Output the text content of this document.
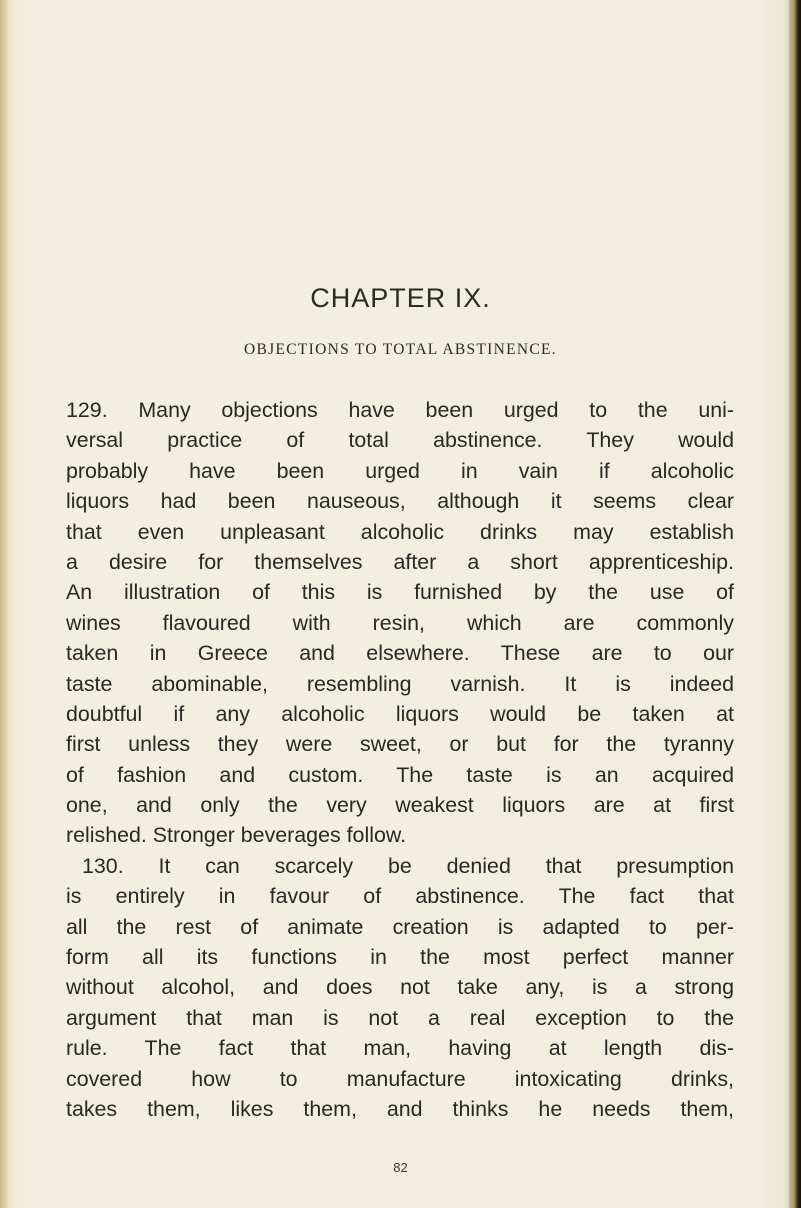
CHAPTER IX.
OBJECTIONS TO TOTAL ABSTINENCE.
129. Many objections have been urged to the uni-
versal practice of total abstinence. They would
probably have been urged in vain if alcoholic
liquors had been nauseous, although it seems clear
that even unpleasant alcoholic drinks may establish
a desire for themselves after a short apprenticeship.
An illustration of this is furnished by the use of
wines flavoured with resin, which are commonly
taken in Greece and elsewhere. These are to our
taste abominable, resembling varnish. It is indeed
doubtful if any alcoholic liquors would be taken at
first unless they were sweet, or but for the tyranny
of fashion and custom. The taste is an acquired
one, and only the very weakest liquors are at first
relished. Stronger beverages follow.
130. It can scarcely be denied that presumption
is entirely in favour of abstinence. The fact that
all the rest of animate creation is adapted to per-
form all its functions in the most perfect manner
without alcohol, and does not take any, is a strong
argument that man is not a real exception to the
rule. The fact that man, having at length dis-
covered how to manufacture intoxicating drinks,
takes them, likes them, and thinks he needs them,
82
